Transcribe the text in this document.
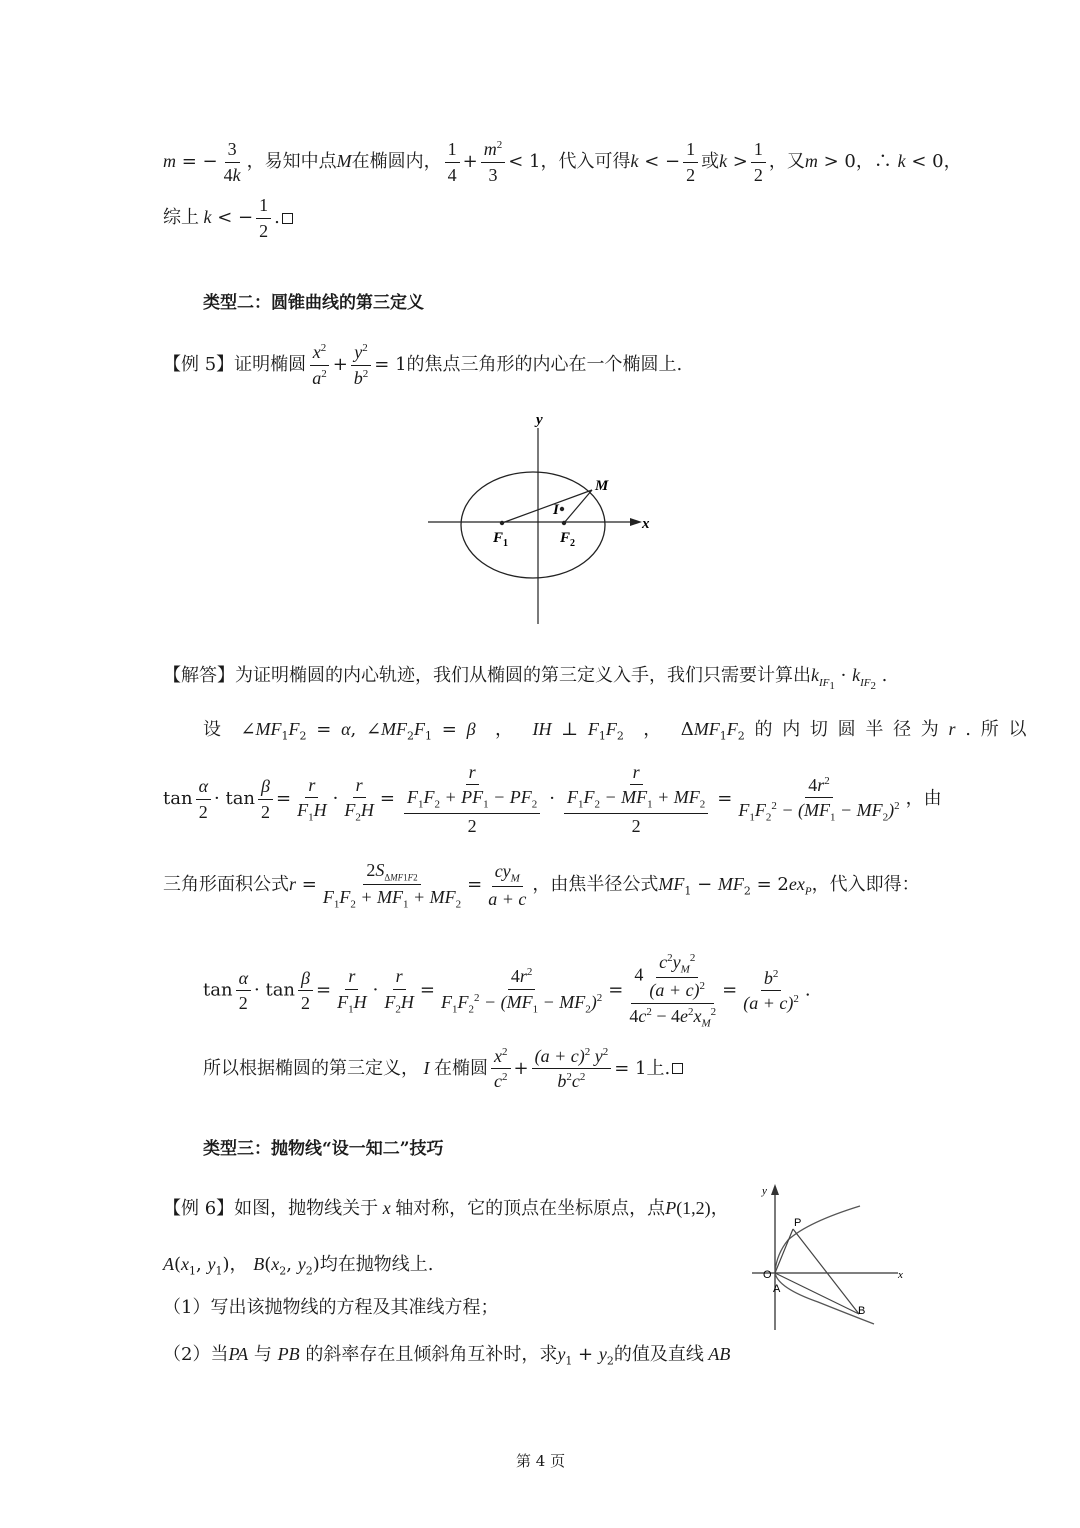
m = − $\frac{3}{4k}$ ，易知中点M在椭圆内， $\frac{1}{4} + \frac{m^2}{3} < 1$，代入可得k < − $\frac{1}{2}$ 或$k > \frac{1}{2}$ ，又m > 0，∴ k < 0，
综上 k < − $\frac{1}{2}$ .
类型二：圆锥曲线的第三定义
【例 5】证明椭圆 $\frac{x^2}{a^2} + \frac{y^2}{b^2} = 1$的焦点三角形的内心在一个椭圆上.
y
x
M
I
$F_1$	$F_2$
【解答】为证明椭圆的内心轨迹，我们从椭圆的第三定义入手，我们只需要计算出$k_{IF_1} \cdot k_{IF_2}$ .
设  $\angle MF_1F_2 = \alpha$, $\angle MF_2F_1 = \beta$ ， IH ⊥ $F_1F_2$ ，  $\Delta MF_1F_2$ 的 内 切 圆 半 径 为 r . 所 以
$\tan \frac{\alpha}{2} \cdot \tan \frac{\beta}{2} = \frac{r}{F_1H} \cdot \frac{r}{F_2H} = \frac{r}{\frac{F_1F_2 + PF_1 - PF_2}{2}} \cdot \frac{r}{\frac{F_1F_2 - MF_1 + MF_2}{2}} = \frac{4r^2}{F_1F_2^2 - (MF_1 - MF_2)^2}$ ，由
三角形面积公式$r = \frac{2S_{\Delta MF1F2}}{F_1F_2 + MF_1 + MF_2} = \frac{cy_M}{a + c}$ ，由焦半径公式$MF_1 - MF_2 = 2ex_P$，代入即得：
$\tan \frac{\alpha}{2} \cdot \tan \frac{\beta}{2} = \frac{r}{F_1H} \cdot \frac{r}{F_2H} = \frac{4r^2}{F_1F_2^2 - (MF_1 - MF_2)^2} = \frac{4 \frac{c^2y_M^2}{(a + c)^2}}{4c^2 - 4e^2x_M^2} = \frac{b^2}{(a + c)^2}$ .
所以根据椭圆的第三定义， I 在椭圆 $\frac{x^2}{c^2} + \frac{(a + c)^2 y^2}{b^2c^2} = 1$上.
类型三：抛物线“设一知二”技巧
【例 6】如图，抛物线关于 x 轴对称，它的顶点在坐标原点，点P(1,2)，
$A(x_1$, $y_1$)， $B(x_2$, $y_2$)均在抛物线上.
（1）写出该抛物线的方程及其准线方程；
（2）当PA 与 PB 的斜率存在且倾斜角互补时，求$y_1 + y_2$的值及直线 AB
y
x
O
P
A
B
第 4 页
